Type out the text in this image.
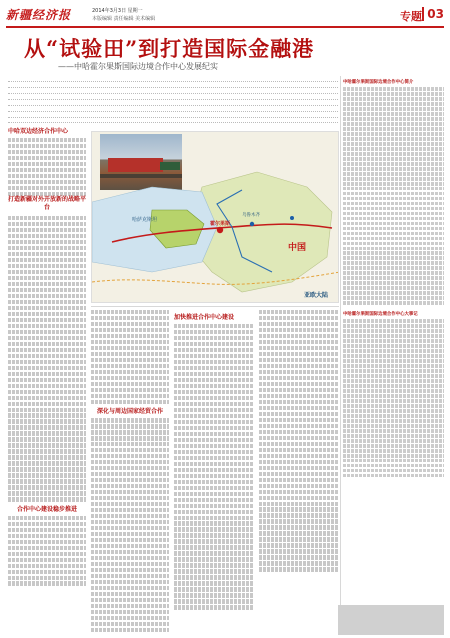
新疆经济报	2014年3月3日 星期一
本版编辑 责任编辑 美术编辑	专题 03
从“试验田”到打造国际金融港
——中哈霍尔果斯国际边境合作中心发展纪实
中哈双边经济合作中心
打造新疆对外开放新的战略平台
合作中心建设稳步推进
霍尔果斯
哈萨克斯坦
中国
乌鲁木齐
亚欧大陆
深化与周边国家经贸合作
加快推进合作中心建设
中哈霍尔果斯国际边境合作中心简介
中哈霍尔果斯国际边境合作中心大事记
